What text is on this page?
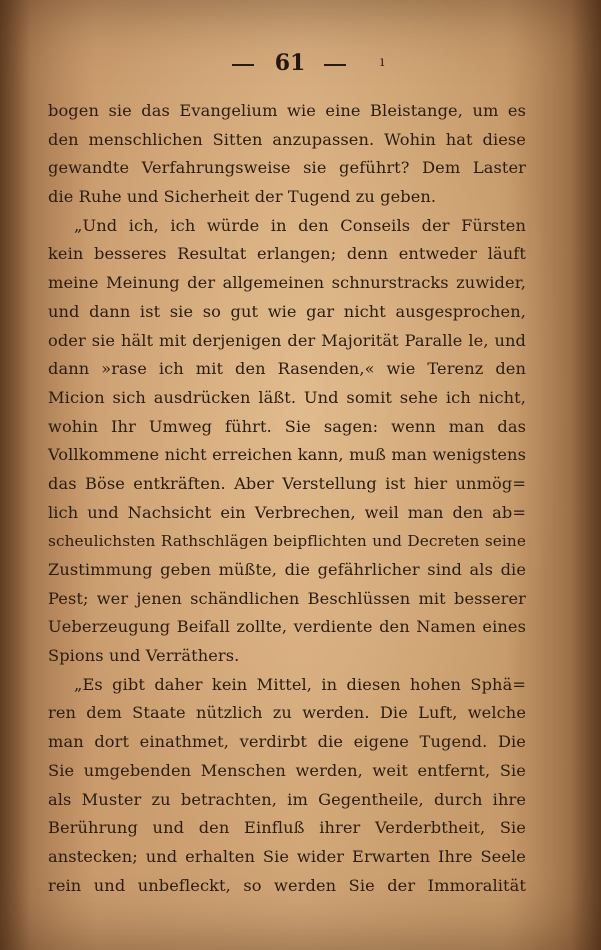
61	ı
bogen sie das Evangelium wie eine Bleistange, um es
den menschlichen Sitten anzupassen. Wohin hat diese
gewandte Verfahrungsweise sie geführt? Dem Laster
die Ruhe und Sicherheit der Tugend zu geben.
„Und ich, ich würde in den Conseils der Fürsten
kein besseres Resultat erlangen; denn entweder läuft
meine Meinung der allgemeinen schnurstracks zuwider,
und dann ist sie so gut wie gar nicht ausgesprochen,
oder sie hält mit derjenigen der Majorität Paralle le, und
dann »rase ich mit den Rasenden,« wie Terenz den
Micion sich ausdrücken läßt. Und somit sehe ich nicht,
wohin Ihr Umweg führt. Sie sagen: wenn man das
Vollkommene nicht erreichen kann, muß man wenigstens
das Böse entkräften. Aber Verstellung ist hier unmög=
lich und Nachsicht ein Verbrechen, weil man den ab=
scheulichsten Rathschlägen beipflichten und Decreten seine
Zustimmung geben müßte, die gefährlicher sind als die
Pest; wer jenen schändlichen Beschlüssen mit besserer
Ueberzeugung Beifall zollte, verdiente den Namen eines
Spions und Verräthers.
„Es gibt daher kein Mittel, in diesen hohen Sphä=
ren dem Staate nützlich zu werden. Die Luft, welche
man dort einathmet, verdirbt die eigene Tugend. Die
Sie umgebenden Menschen werden, weit entfernt, Sie
als Muster zu betrachten, im Gegentheile, durch ihre
Berührung und den Einfluß ihrer Verderbtheit, Sie
anstecken; und erhalten Sie wider Erwarten Ihre Seele
rein und unbefleckt, so werden Sie der Immoralität
